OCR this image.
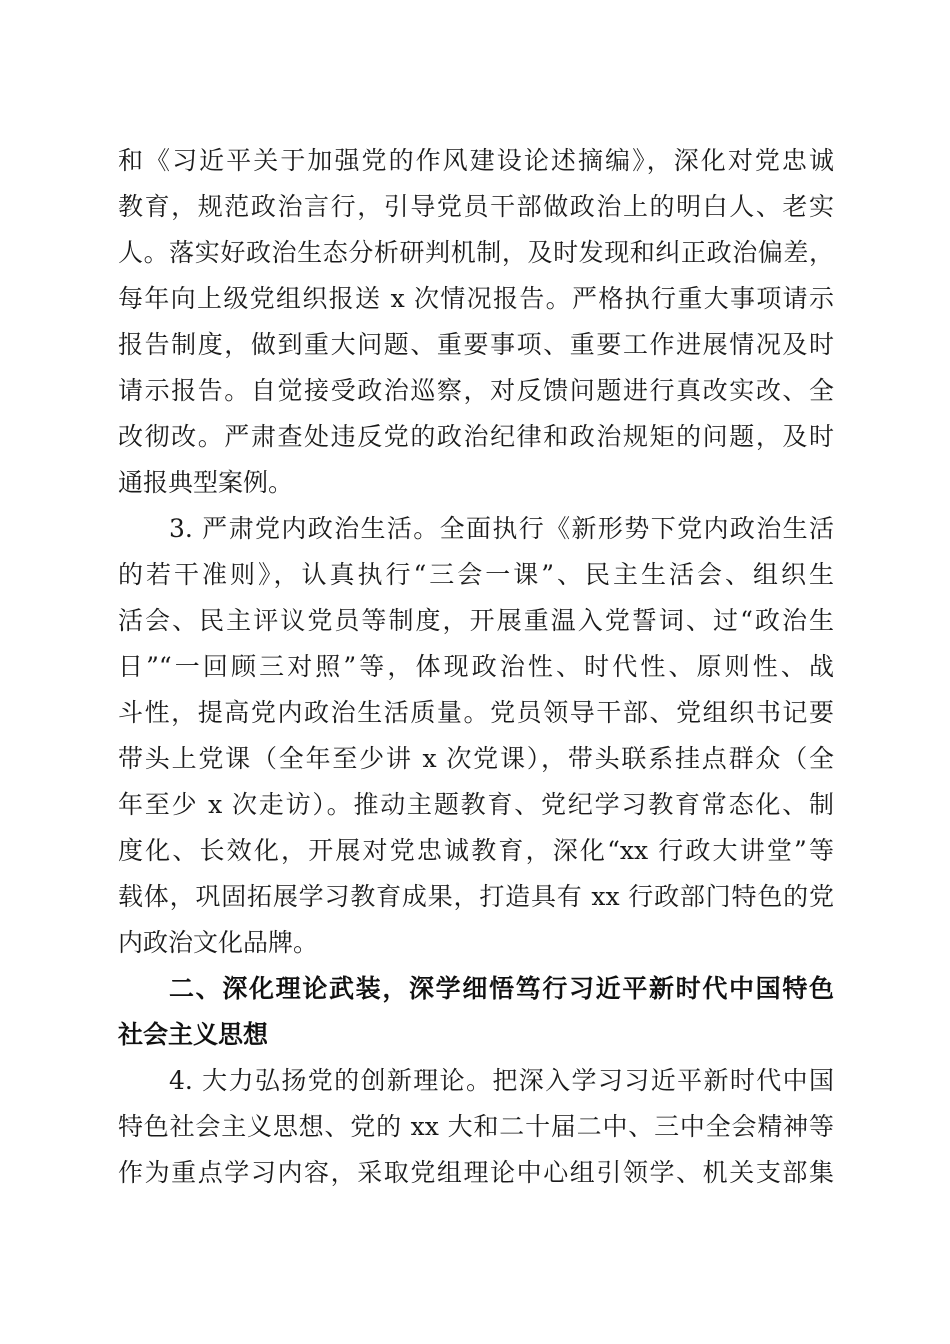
和《习近平关于加强党的作风建设论述摘编》，深化对党忠诚
教育，规范政治言行，引导党员干部做政治上的明白人、老实
人。落实好政治生态分析研判机制，及时发现和纠正政治偏差，
每年向上级党组织报送 x 次情况报告。严格执行重大事项请示
报告制度，做到重大问题、重要事项、重要工作进展情况及时
请示报告。自觉接受政治巡察，对反馈问题进行真改实改、全
改彻改。严肃查处违反党的政治纪律和政治规矩的问题，及时
通报典型案例。
3. 严肃党内政治生活。全面执行《新形势下党内政治生活
的若干准则》，认真执行“三会一课”、民主生活会、组织生
活会、民主评议党员等制度，开展重温入党誓词、过“政治生
日”“一回顾三对照”等，体现政治性、时代性、原则性、战
斗性，提高党内政治生活质量。党员领导干部、党组织书记要
带头上党课（全年至少讲 x 次党课），带头联系挂点群众（全
年至少 x 次走访）。推动主题教育、党纪学习教育常态化、制
度化、长效化，开展对党忠诚教育，深化“xx 行政大讲堂”等
载体，巩固拓展学习教育成果，打造具有 xx 行政部门特色的党
内政治文化品牌。
二、深化理论武装，深学细悟笃行习近平新时代中国特色
社会主义思想
4. 大力弘扬党的创新理论。把深入学习习近平新时代中国
特色社会主义思想、党的 xx 大和二十届二中、三中全会精神等
作为重点学习内容，采取党组理论中心组引领学、机关支部集
